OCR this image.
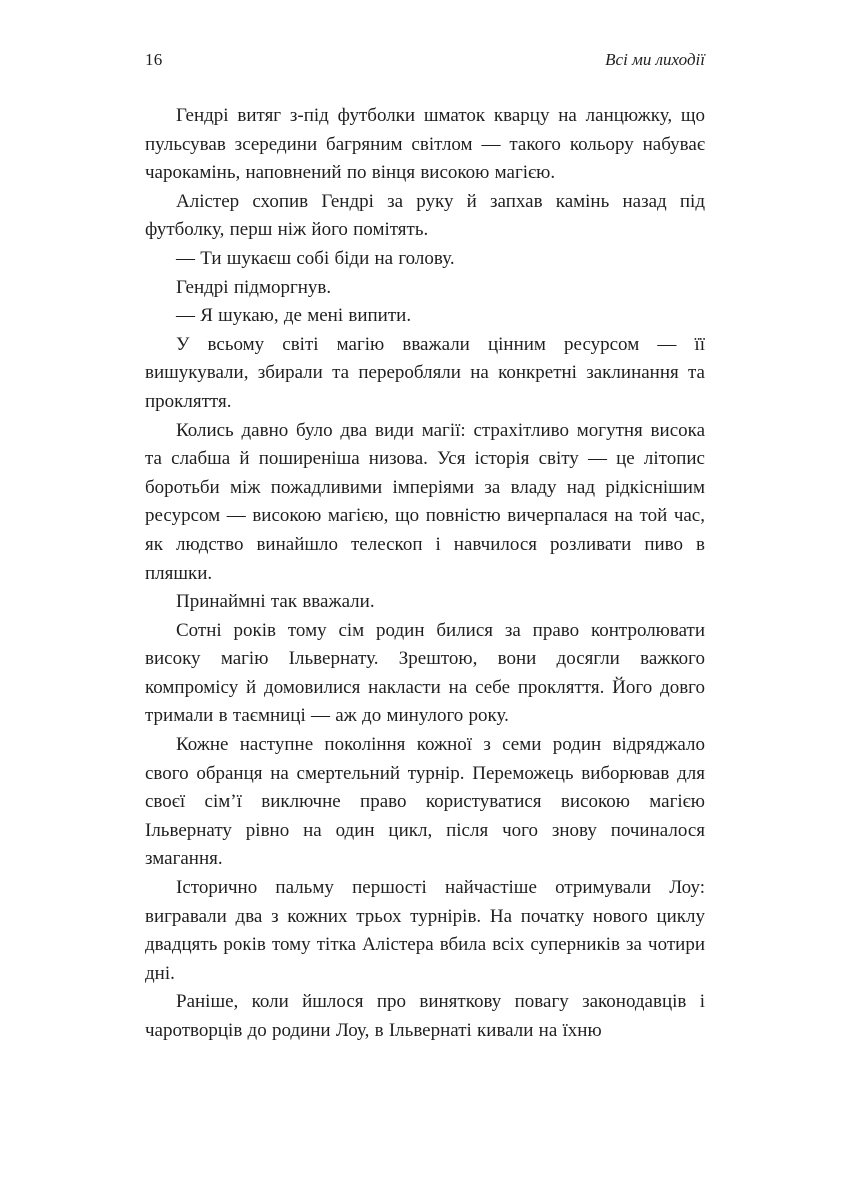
16	Всі ми лиходії

Гендрі витяг з-під футболки шматок кварцу на ланцюжку, що пульсував зсередини багряним світлом — такого кольору набуває чарокамінь, наповнений по вінця високою магією.

Алістер схопив Гендрі за руку й запхав камінь назад під футболку, перш ніж його помітять.

— Ти шукаєш собі біди на голову.

Гендрі підморгнув.

— Я шукаю, де мені випити.

У всьому світі магію вважали цінним ресурсом — її вишукували, збирали та переробляли на конкретні заклинання та прокляття.

Колись давно було два види магії: страхітливо могутня висока та слабша й поширеніша низова. Уся історія світу — це літопис боротьби між пожадливими імперіями за владу над рідкіснішим ресурсом — високою магією, що повністю вичерпалася на той час, як людство винайшло телескоп і навчилося розливати пиво в пляшки.

Принаймні так вважали.

Сотні років тому сім родин билися за право контролювати високу магію Ільвернату. Зрештою, вони досягли важкого компромісу й домовилися накласти на себе прокляття. Його довго тримали в таємниці — аж до минулого року.

Кожне наступне покоління кожної з семи родин відряджало свого обранця на смертельний турнір. Переможець виборював для своєї сім’ї виключне право користуватися високою магією Ільвернату рівно на один цикл, після чого знову починалося змагання.

Історично пальму першості найчастіше отримували Лоу: вигравали два з кожних трьох турнірів. На початку нового циклу двадцять років тому тітка Алістера вбила всіх суперників за чотири дні.

Раніше, коли йшлося про виняткову повагу законодавців і чаротворців до родини Лоу, в Ільвернаті кивали на їхню
